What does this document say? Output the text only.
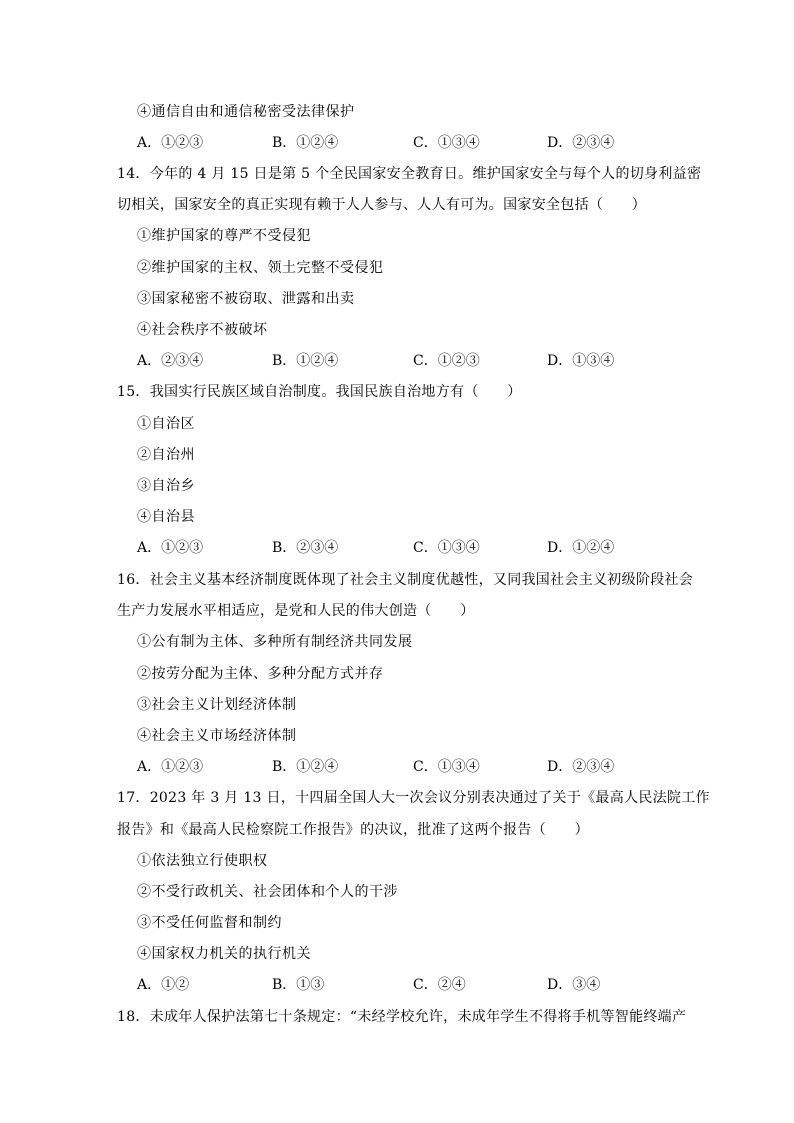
④通信自由和通信秘密受法律保护
A．①②③	B．①②④	C．①③④	D．②③④
14．今年的 4 月 15 日是第 5 个全民国家安全教育日。维护国家安全与每个人的切身利益密
切相关，国家安全的真正实现有赖于人人参与、人人有可为。国家安全包括（　　）
①维护国家的尊严不受侵犯
②维护国家的主权、领土完整不受侵犯
③国家秘密不被窃取、泄露和出卖
④社会秩序不被破坏
A．②③④	B．①②④	C．①②③	D．①③④
15．我国实行民族区域自治制度。我国民族自治地方有（　　）
①自治区
②自治州
③自治乡
④自治县
A．①②③	B．②③④	C．①③④	D．①②④
16．社会主义基本经济制度既体现了社会主义制度优越性，又同我国社会主义初级阶段社会
生产力发展水平相适应，是党和人民的伟大创造（　　）
①公有制为主体、多种所有制经济共同发展
②按劳分配为主体、多种分配方式并存
③社会主义计划经济体制
④社会主义市场经济体制
A．①②③	B．①②④	C．①③④	D．②③④
17．2023 年 3 月 13 日，十四届全国人大一次会议分别表决通过了关于《最高人民法院工作
报告》和《最高人民检察院工作报告》的决议，批准了这两个报告（　　）
①依法独立行使职权
②不受行政机关、社会团体和个人的干涉
③不受任何监督和制约
④国家权力机关的执行机关
A．①②	B．①③	C．②④	D．③④
18．未成年人保护法第七十条规定：“未经学校允许，未成年学生不得将手机等智能终端产
